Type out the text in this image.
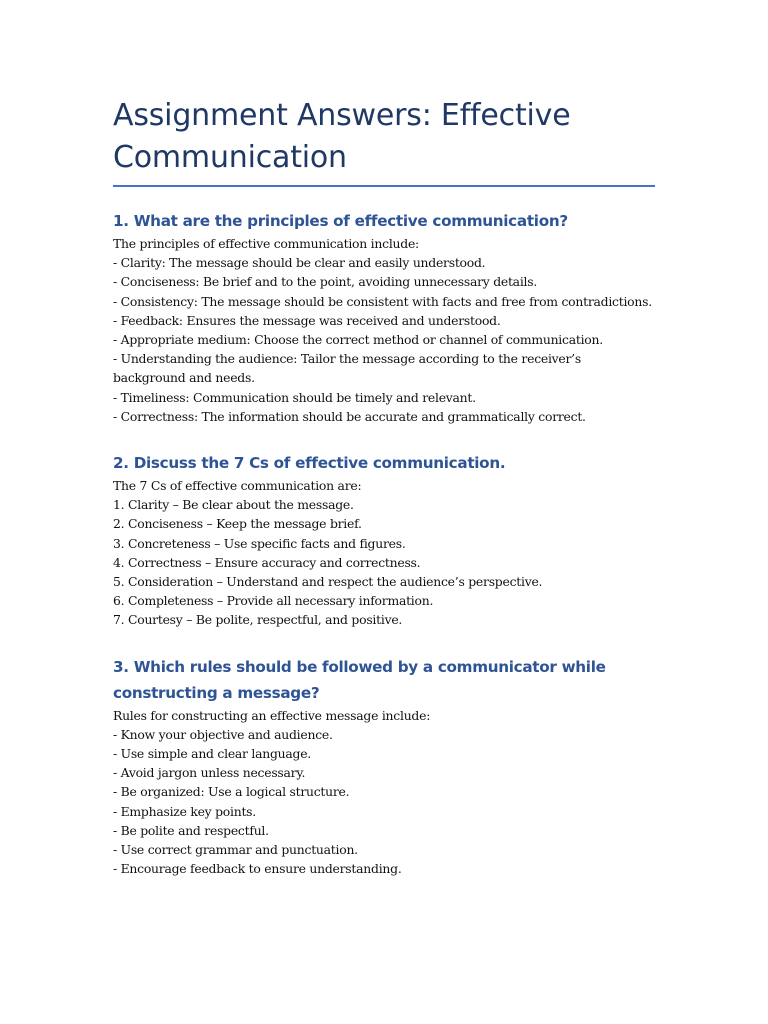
Assignment Answers: Effective Communication
1. What are the principles of effective communication?

The principles of effective communication include:
- Clarity: The message should be clear and easily understood.
- Conciseness: Be brief and to the point, avoiding unnecessary details.
- Consistency: The message should be consistent with facts and free from contradictions.
- Feedback: Ensures the message was received and understood.
- Appropriate medium: Choose the correct method or channel of communication.
- Understanding the audience: Tailor the message according to the receiver’s background and needs.
- Timeliness: Communication should be timely and relevant.
- Correctness: The information should be accurate and grammatically correct.

2. Discuss the 7 Cs of effective communication.

The 7 Cs of effective communication are:
1. Clarity – Be clear about the message.
2. Conciseness – Keep the message brief.
3. Concreteness – Use specific facts and figures.
4. Correctness – Ensure accuracy and correctness.
5. Consideration – Understand and respect the audience’s perspective.
6. Completeness – Provide all necessary information.
7. Courtesy – Be polite, respectful, and positive.

3. Which rules should be followed by a communicator while constructing a message?

Rules for constructing an effective message include:
- Know your objective and audience.
- Use simple and clear language.
- Avoid jargon unless necessary.
- Be organized: Use a logical structure.
- Emphasize key points.
- Be polite and respectful.
- Use correct grammar and punctuation.
- Encourage feedback to ensure understanding.
